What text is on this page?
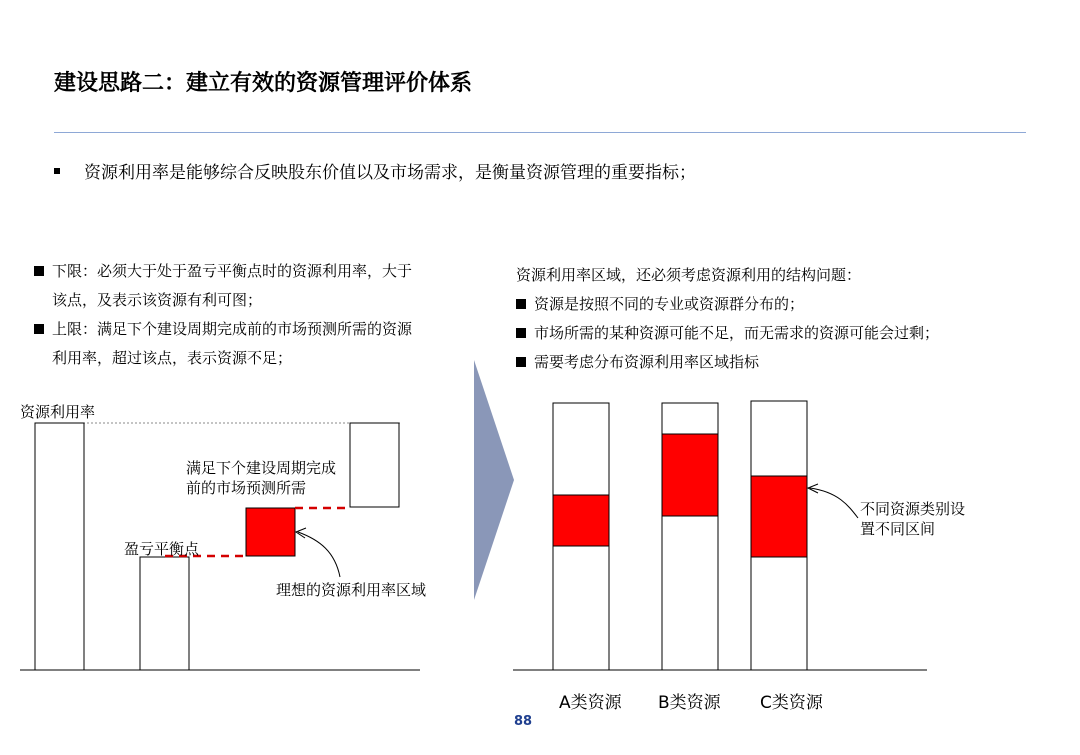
建设思路二：建立有效的资源管理评价体系
资源利用率是能够综合反映股东价值以及市场需求，是衡量资源管理的重要指标；
下限：必须大于处于盈亏平衡点时的资源利用率，大于
该点，及表示该资源有利可图；
上限：满足下个建设周期完成前的市场预测所需的资源
利用率，超过该点，表示资源不足；
资源利用率区域，还必须考虑资源利用的结构问题：
资源是按照不同的专业或资源群分布的；
市场所需的某种资源可能不足，而无需求的资源可能会过剩；
需要考虑分布资源利用率区域指标
资源利用率
满足下个建设周期完成
前的市场预测所需
盈亏平衡点
理想的资源利用率区域
不同资源类别设
置不同区间
A类资源 B类资源 C类资源
88
